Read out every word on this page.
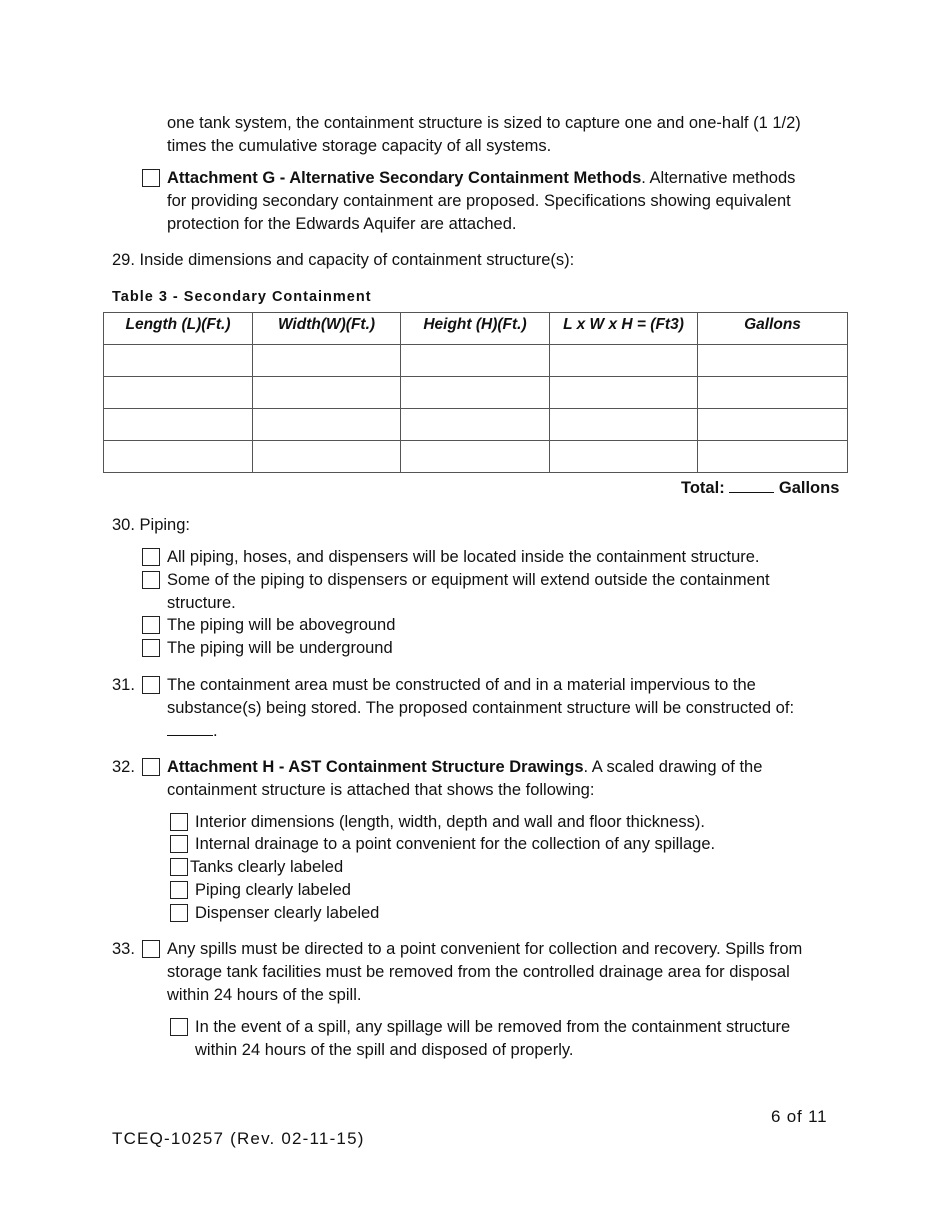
one tank system, the containment structure is sized to capture one and one-half (1 1/2)
times the cumulative storage capacity of all systems.
Attachment G - Alternative Secondary Containment Methods. Alternative methods
for providing secondary containment are proposed. Specifications showing equivalent
protection for the Edwards Aquifer are attached.
29. Inside dimensions and capacity of containment structure(s):
Table 3 - Secondary Containment
Length (L)(Ft.)	Width(W)(Ft.)	Height (H)(Ft.)	L x W x H = (Ft3)	Gallons

Total:	Gallons
30. Piping:
All piping, hoses, and dispensers will be located inside the containment structure.
Some of the piping to dispensers or equipment will extend outside the containment
structure.
The piping will be aboveground
The piping will be underground
31. The containment area must be constructed of and in a material impervious to the
substance(s) being stored. The proposed containment structure will be constructed of:
.
32. Attachment H - AST Containment Structure Drawings. A scaled drawing of the
containment structure is attached that shows the following:
Interior dimensions (length, width, depth and wall and floor thickness).
Internal drainage to a point convenient for the collection of any spillage.
Tanks clearly labeled
Piping clearly labeled
Dispenser clearly labeled
33. Any spills must be directed to a point convenient for collection and recovery. Spills from
storage tank facilities must be removed from the controlled drainage area for disposal
within 24 hours of the spill.
In the event of a spill, any spillage will be removed from the containment structure
within 24 hours of the spill and disposed of properly.
6 of 11
TCEQ-10257 (Rev. 02-11-15)
